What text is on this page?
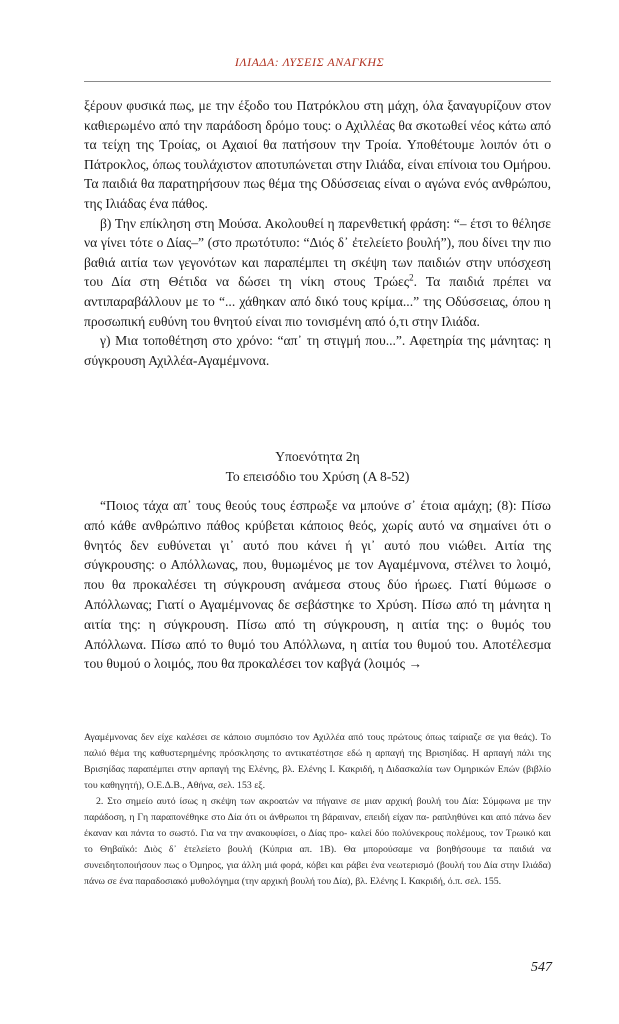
ΙΛΙΑΔΑ: ΛΥΣΕΙΣ ΑΝΑΓΚΗΣ

ξέρουν φυσικά πως, με την έξοδο του Πατρόκλου στη μάχη, όλα ξαναγυρίζουν στον καθιερωμένο από την παράδοση δρόμο τους: ο Αχιλλέας θα σκοτωθεί νέος κάτω από τα τείχη της Τροίας, οι Αχαιοί θα πατήσουν την Τροία. Υποθέτουμε λοιπόν ότι ο Πάτροκλος, όπως τουλάχιστον αποτυπώνεται στην Ιλιάδα, είναι επίνοια του Ομήρου. Τα παιδιά θα παρατηρήσουν πως θέμα της Οδύσσειας είναι ο αγώνα ενός ανθρώπου, της Ιλιάδας ένα πάθος.

β) Την επίκληση στη Μούσα. Ακολουθεί η παρενθετική φράση: “– έτσι το θέλησε να γίνει τότε ο Δίας–” (στο πρωτότυπο: “Διός δ᾽ ἐτελείετο βουλή”), που δίνει την πιο βαθιά αιτία των γεγονότων και παραπέμπει τη σκέψη των παιδιών στην υπόσχεση του Δία στη Θέτιδα να δώσει τη νίκη στους Τρώες$^2$. Τα παιδιά πρέπει να αντιπαραβάλλουν με το “... χάθηκαν από δικό τους κρίμα...” της Οδύσσειας, όπου η προσωπική ευθύνη του θνητού είναι πιο τονισμένη από ό,τι στην Ιλιάδα.

γ) Μια τοποθέτηση στο χρόνο: “απ᾽ τη στιγμή που...”. Αφετηρία της μάνητας: η σύγκρουση Αχιλλέα-Αγαμέμνονα.

Υποενότητα 2η
Το επεισόδιο του Χρύση (Α 8-52)

“Ποιος τάχα απ᾽ τους θεούς τους έσπρωξε να μπούνε σ᾽ έτοια αμάχη; (8): Πίσω από κάθε ανθρώπινο πάθος κρύβεται κάποιος θεός, χωρίς αυτό να σημαίνει ότι ο θνητός δεν ευθύνεται γι᾽ αυτό που κάνει ή γι᾽ αυτό που νιώθει. Αιτία της σύγκρουσης: ο Απόλλωνας, που, θυμωμένος με τον Αγαμέμνονα, στέλνει το λοιμό, που θα προκαλέσει τη σύγκρουση ανάμεσα στους δύο ήρωες. Γιατί θύμωσε ο Απόλλωνας; Γιατί ο Αγαμέμνονας δε σεβάστηκε το Χρύση. Πίσω από τη μάνητα η αιτία της: η σύγκρουση. Πίσω από τη σύγκρουση, η αιτία της: ο θυμός του Απόλλωνα. Πίσω από το θυμό του Απόλλωνα, η αιτία του θυμού του. Αποτέλεσμα του θυμού ο λοιμός, που θα προκαλέσει τον καβγά (λοιμός →

Αγαμέμνονας δεν είχε καλέσει σε κάποιο συμπόσιο τον Αχιλλέα από τους πρώτους όπως ταίριαζε σε για θεάς). Το παλιό θέμα της καθυστερημένης πρόσκλησης το αντικατέστησε εδώ η αρπαγή της Βρισηίδας. Η αρπαγή πάλι της Βρισηίδας παραπέμπει στην αρπαγή της Ελένης, βλ. Ελένης Ι. Κακριδή, η Διδασκαλία των Ομηρικών Επών (βιβλίο του καθηγητή), Ο.Ε.Δ.Β., Αθήνα, σελ. 153 εξ.

2. Στο σημείο αυτό ίσως η σκέψη των ακροατών να πήγαινε σε μιαν αρχική βουλή του Δία: Σύμφωνα με την παράδοση, η Γη παραπονέθηκε στο Δία ότι οι άνθρωποι τη βάραιναν, επειδή είχαν πα- ραπληθύνει και από πάνω δεν έκαναν και πάντα το σωστό. Για να την ανακουφίσει, ο Δίας προ- καλεί δύο πολύνεκρους πολέμους, τον Τρωικό και το Θηβαϊκό: Διὸς δ᾽ ἐτελείετο βουλή (Κύπρια απ. 1Β). Θα μπορούσαμε να βοηθήσουμε τα παιδιά να συνειδητοποιήσουν πως ο Όμηρος, για άλλη μιά φορά, κόβει και ράβει ένα νεωτερισμό (βουλή του Δία στην Ιλιάδα) πάνω σε ένα παραδοσιακό μυθολόγημα (την αρχική βουλή του Δία), βλ. Ελένης Ι. Κακριδή, ό.π. σελ. 155.

547
